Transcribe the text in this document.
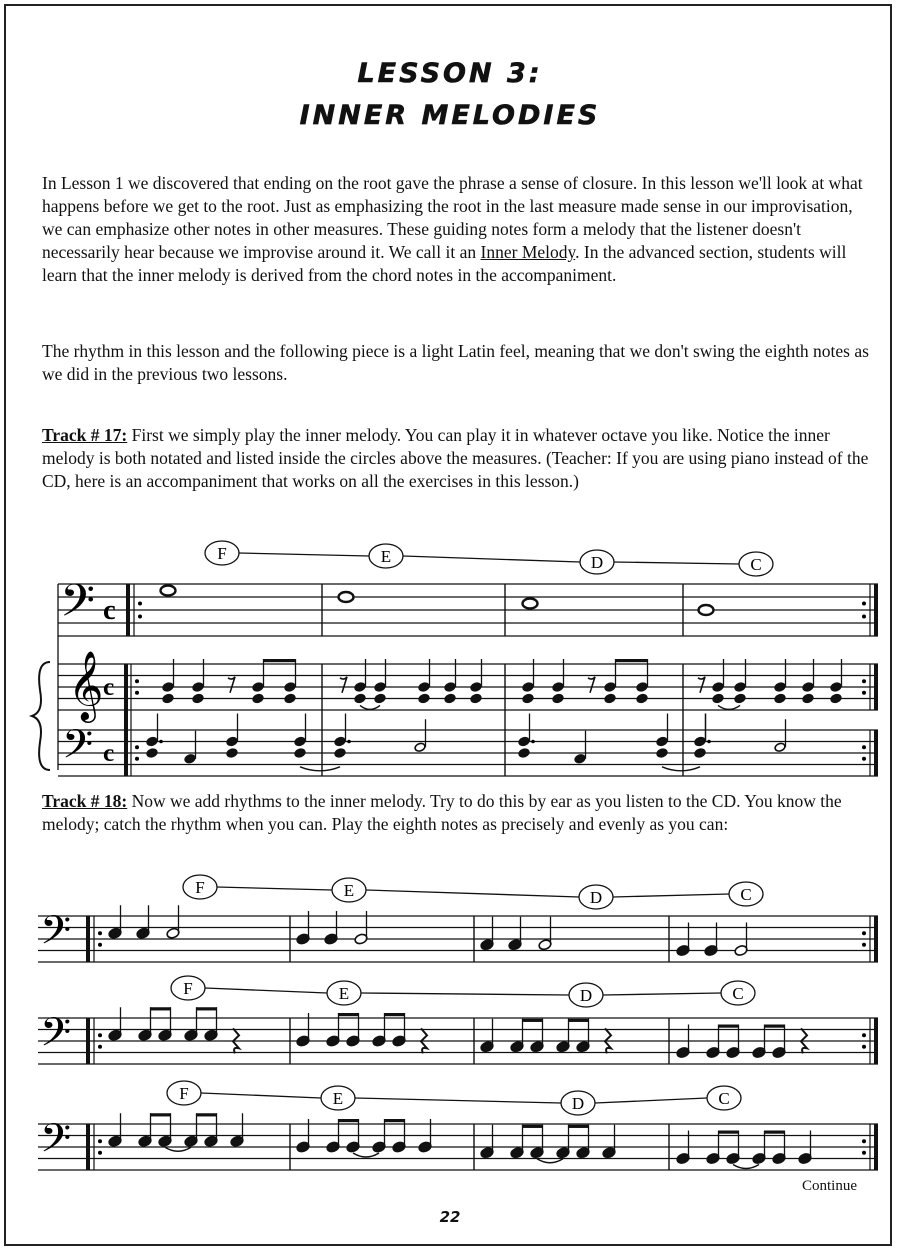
LESSON 3:
INNER MELODIES
In Lesson 1 we discovered that ending on the root gave the phrase a sense of closure. In this lesson we'll look at what happens before we get to the root. Just as emphasizing the root in the last measure made sense in our improvisation, we can emphasize other notes in other measures. These guiding notes form a melody that the listener doesn't necessarily hear because we improvise around it. We call it an Inner Melody. In the advanced section, students will learn that the inner melody is derived from the chord notes in the accompaniment.
The rhythm in this lesson and the following piece is a light Latin feel, meaning that we don't swing the eighth notes as we did in the previous two lessons.
Track # 17: First we simply play the inner melody. You can play it in whatever octave you like. Notice the inner melody is both notated and listed inside the circles above the measures. (Teacher: If you are using piano instead of the CD, here is an accompaniment that works on all the exercises in this lesson.)
Track # 18: Now we add rhythms to the inner melody. Try to do this by ear as you listen to the CD. You know the melody; catch the rhythm when you can. Play the eighth notes as precisely and evenly as you can:
F	E	D	C
𝄢 c
𝄞
𝄢
c
c
F	E	D	C
𝄢
F	E	D	C
𝄢
F	E	D	C
𝄢
Continue
22
